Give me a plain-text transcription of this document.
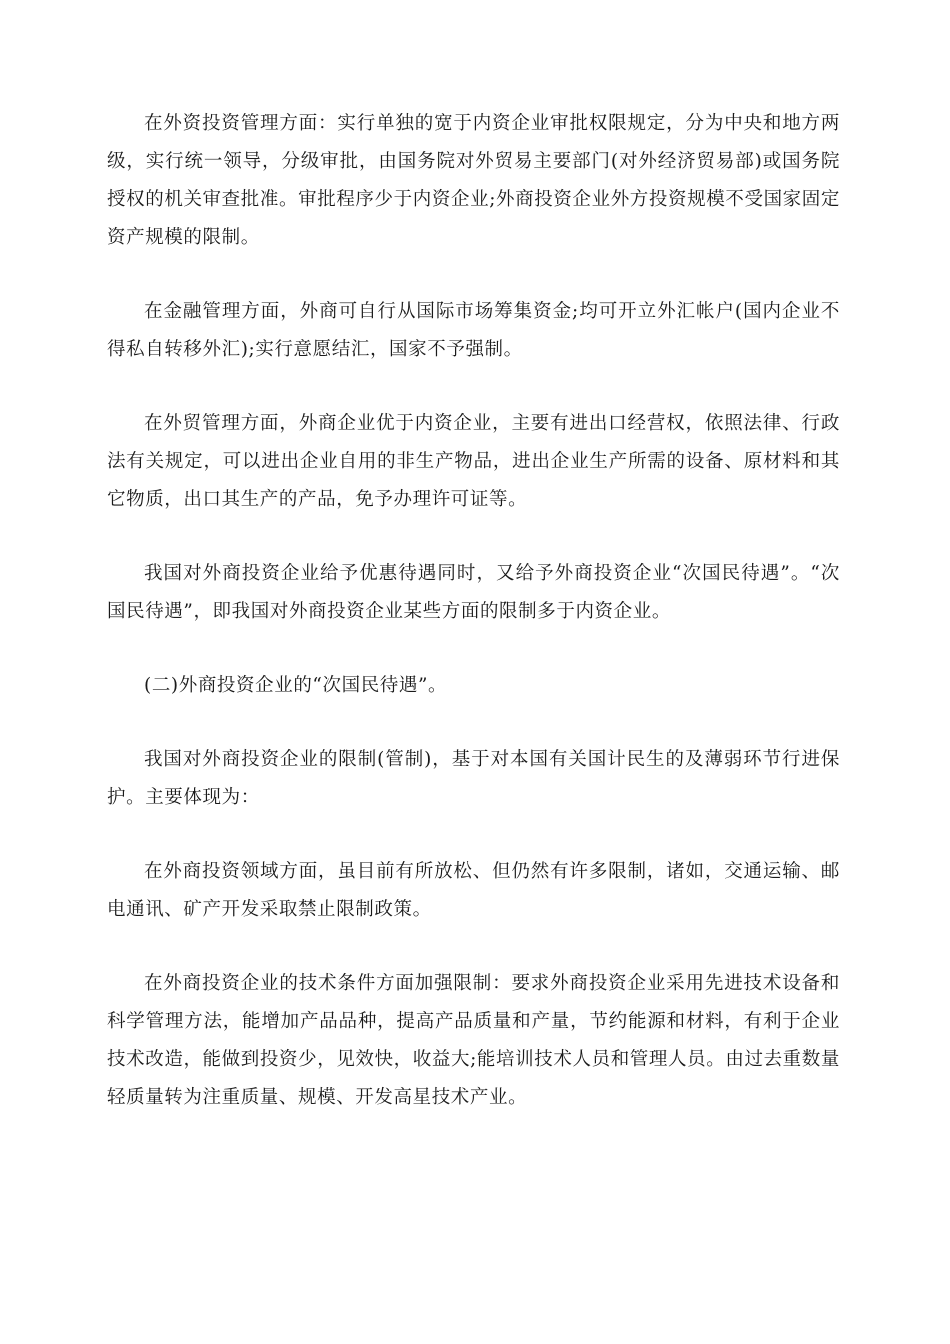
在外资投资管理方面：实行单独的宽于内资企业审批权限规定，分为中央和地方两级，实行统一领导，分级审批，由国务院对外贸易主要部门(对外经济贸易部)或国务院授权的机关审查批准。审批程序少于内资企业;外商投资企业外方投资规模不受国家固定资产规模的限制。

在金融管理方面，外商可自行从国际市场筹集资金;均可开立外汇帐户(国内企业不得私自转移外汇);实行意愿结汇，国家不予强制。

在外贸管理方面，外商企业优于内资企业，主要有进出口经营权，依照法律、行政法有关规定，可以进出企业自用的非生产物品，进出企业生产所需的设备、原材料和其它物质，出口其生产的产品，免予办理许可证等。

我国对外商投资企业给予优惠待遇同时，又给予外商投资企业“次国民待遇”。“次国民待遇”，即我国对外商投资企业某些方面的限制多于内资企业。

(二)外商投资企业的“次国民待遇”。

我国对外商投资企业的限制(管制)，基于对本国有关国计民生的及薄弱环节行进保护。主要体现为：

在外商投资领域方面，虽目前有所放松、但仍然有许多限制，诸如，交通运输、邮电通讯、矿产开发采取禁止限制政策。

在外商投资企业的技术条件方面加强限制：要求外商投资企业采用先进技术设备和科学管理方法，能增加产品品种，提高产品质量和产量，节约能源和材料，有利于企业技术改造，能做到投资少，见效快，收益大;能培训技术人员和管理人员。由过去重数量轻质量转为注重质量、规模、开发高星技术产业。
